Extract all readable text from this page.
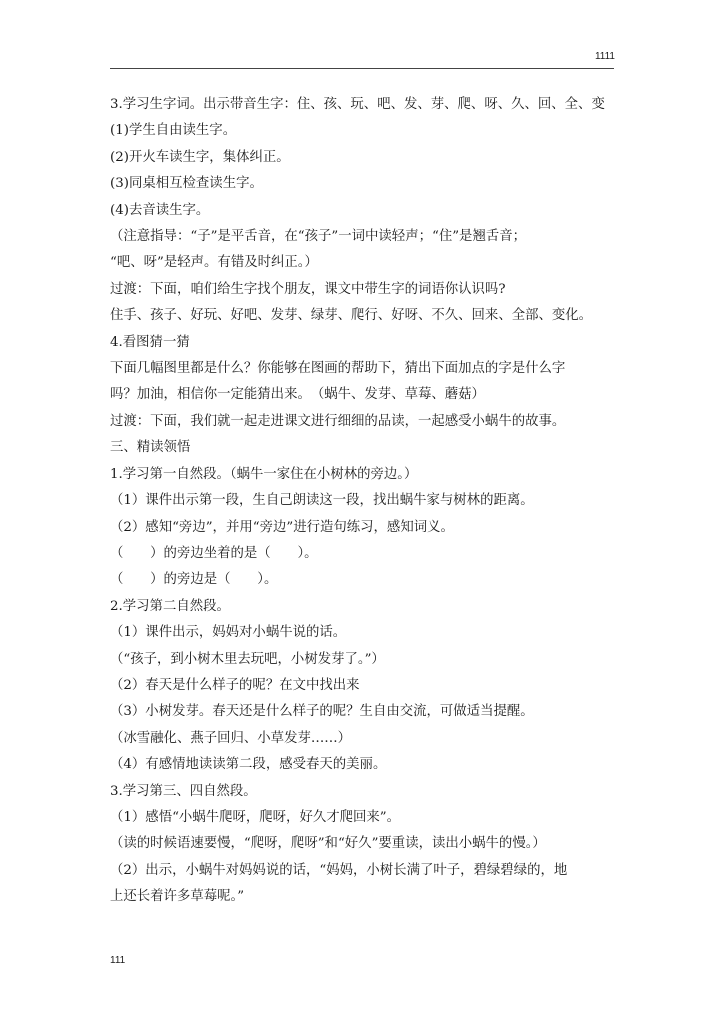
1111
3.学习生字词。出示带音生字：住、孩、玩、吧、发、芽、爬、呀、久、回、全、变
(1)学生自由读生字。
(2)开火车读生字，集体纠正。
(3)同桌相互检查读生字。
(4)去音读生字。
（注意指导：“子”是平舌音，在“孩子”一词中读轻声；“住”是翘舌音；
“吧、呀”是轻声。有错及时纠正。）
过渡：下面，咱们给生字找个朋友，课文中带生字的词语你认识吗?
住手、孩子、好玩、好吧、发芽、绿芽、爬行、好呀、不久、回来、全部、变化。
4.看图猜一猜
下面几幅图里都是什么？你能够在图画的帮助下，猜出下面加点的字是什么字
吗？加油，相信你一定能猜出来。　（蜗牛、发芽、草莓、蘑菇）
过渡：下面，我们就一起走进课文进行细细的品读，一起感受小蜗牛的故事。
三、精读领悟
1.学习第一自然段。（蜗牛一家住在小树林的旁边。）
（1）课件出示第一段，生自己朗读这一段，找出蜗牛家与树林的距离。
（2）感知“旁边”，并用“旁边”进行造句练习，感知词义。
（　　）的旁边坐着的是（　　）。
（　　）的旁边是（　　）。
2.学习第二自然段。
（1）课件出示，妈妈对小蜗牛说的话。
（“孩子，到小树木里去玩吧，小树发芽了。”）
（2）春天是什么样子的呢？在文中找出来
（3）小树发芽。春天还是什么样子的呢？生自由交流，可做适当提醒。
（冰雪融化、燕子回归、小草发芽……）
（4）有感情地读读第二段，感受春天的美丽。
3.学习第三、四自然段。
（1）感悟“小蜗牛爬呀，爬呀，好久才爬回来”。
（读的时候语速要慢，“爬呀，爬呀”和“好久”要重读，读出小蜗牛的慢。）
（2）出示，小蜗牛对妈妈说的话，“妈妈，小树长满了叶子，碧绿碧绿的，地
上还长着许多草莓呢。”
111
